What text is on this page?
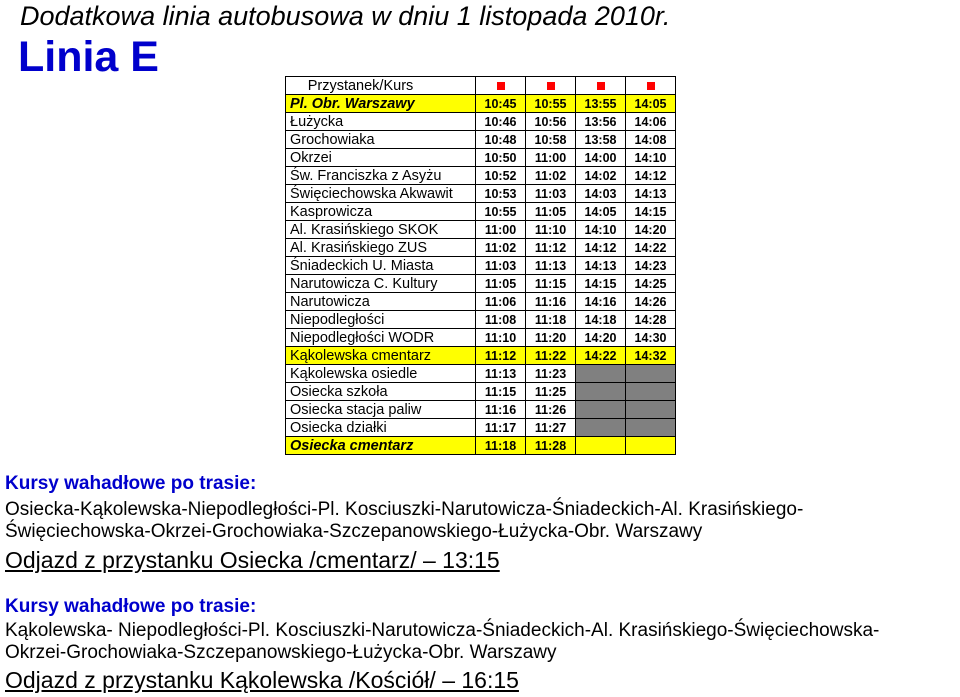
Dodatkowa linia autobusowa w dniu 1 listopada 2010r.
Linia E
Przystanek/Kurs				
Pl. Obr. Warszawy	10:45	10:55	13:55	14:05
Łużycka	10:46	10:56	13:56	14:06
Grochowiaka	10:48	10:58	13:58	14:08
Okrzei	10:50	11:00	14:00	14:10
Św. Franciszka z Asyżu	10:52	11:02	14:02	14:12
Święciechowska Akwawit	10:53	11:03	14:03	14:13
Kasprowicza	10:55	11:05	14:05	14:15
Al. Krasińskiego SKOK	11:00	11:10	14:10	14:20
Al. Krasińskiego ZUS	11:02	11:12	14:12	14:22
Śniadeckich U. Miasta	11:03	11:13	14:13	14:23
Narutowicza C. Kultury	11:05	11:15	14:15	14:25
Narutowicza	11:06	11:16	14:16	14:26
Niepodległości	11:08	11:18	14:18	14:28
Niepodległości WODR	11:10	11:20	14:20	14:30
Kąkolewska cmentarz	11:12	11:22	14:22	14:32
Kąkolewska osiedle	11:13	11:23		
Osiecka szkoła	11:15	11:25		
Osiecka stacja paliw	11:16	11:26		
Osiecka działki	11:17	11:27		
Osiecka cmentarz	11:18	11:28		
Kursy wahadłowe po trasie:
Osiecka-Kąkolewska-Niepodległości-Pl. Kosciuszki-Narutowicza-Śniadeckich-Al. Krasińskiego-
Święciechowska-Okrzei-Grochowiaka-Szczepanowskiego-Łużycka-Obr. Warszawy
Odjazd z przystanku Osiecka /cmentarz/ – 13:15
Kursy wahadłowe po trasie:
Kąkolewska- Niepodległości-Pl. Kosciuszki-Narutowicza-Śniadeckich-Al. Krasińskiego-Święciechowska-
Okrzei-Grochowiaka-Szczepanowskiego-Łużycka-Obr. Warszawy
Odjazd z przystanku Kąkolewska /Kościół/ – 16:15
